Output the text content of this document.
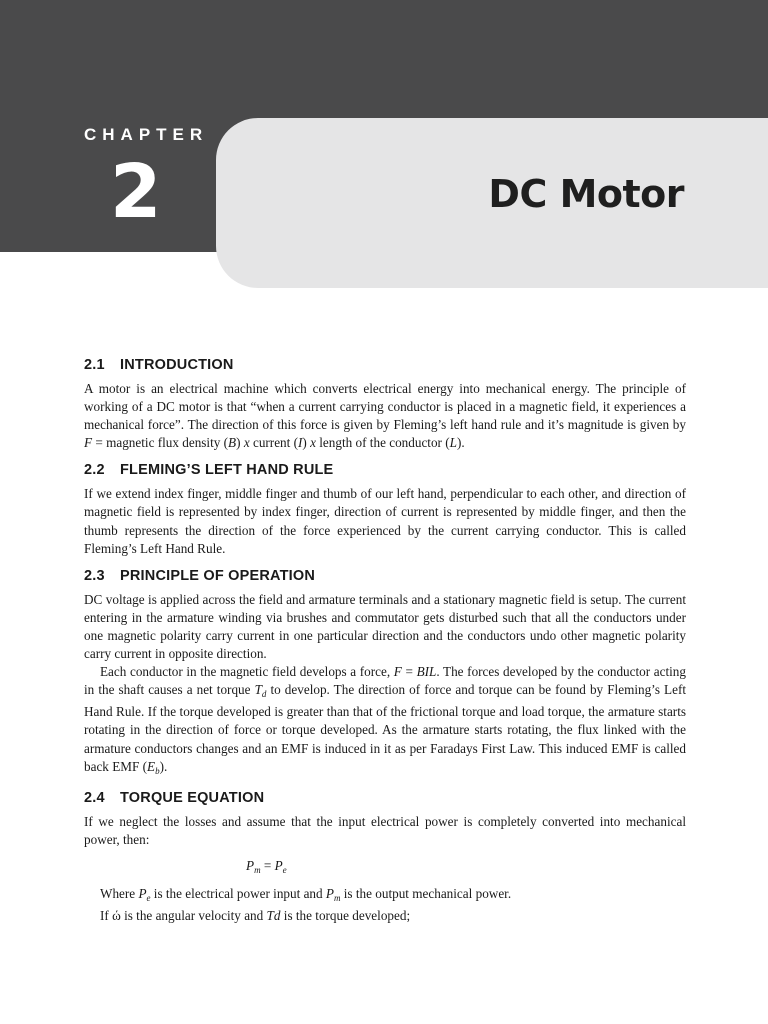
CHAPTER
2	DC Motor
2.1	INTRODUCTION

A motor is an electrical machine which converts electrical energy into mechanical energy. The principle of working of a DC motor is that “when a current carrying conductor is placed in a magnetic field, it experiences a mechanical force”. The direction of this force is given by Fleming’s left hand rule and it’s magnitude is given by F = magnetic flux density (B) x current (I) x length of the conductor (L).

2.2	FLEMING’S LEFT HAND RULE

If we extend index finger, middle finger and thumb of our left hand, perpendicular to each other, and direction of magnetic field is represented by index finger, direction of current is represented by middle finger, and then the thumb represents the direction of the force experienced by the current carrying conductor. This is called Fleming’s Left Hand Rule.

2.3	PRINCIPLE OF OPERATION

DC voltage is applied across the field and armature terminals and a stationary magnetic field is setup. The current entering in the armature winding via brushes and commutator gets disturbed such that all the conductors under one magnetic polarity carry current in one particular direction and the conductors undo other magnetic polarity carry current in opposite direction.

Each conductor in the magnetic field develops a force, F = BIL. The forces developed by the conductor acting in the shaft causes a net torque $T_d$ to develop. The direction of force and torque can be found by Fleming’s Left Hand Rule. If the torque developed is greater than that of the frictional torque and load torque, the armature starts rotating in the direction of force or torque developed. As the armature starts rotating, the flux linked with the armature conductors changes and an EMF is induced in it as per Faradays First Law. This induced EMF is called back EMF $(E_b)$.

2.4	TORQUE EQUATION

If we neglect the losses and assume that the input electrical power is completely converted into mechanical power, then:

$P_m = P_e$

Where $P_e$ is the electrical power input and $P_m$ is the output mechanical power.

If ώ is the angular velocity and Td is the torque developed;
